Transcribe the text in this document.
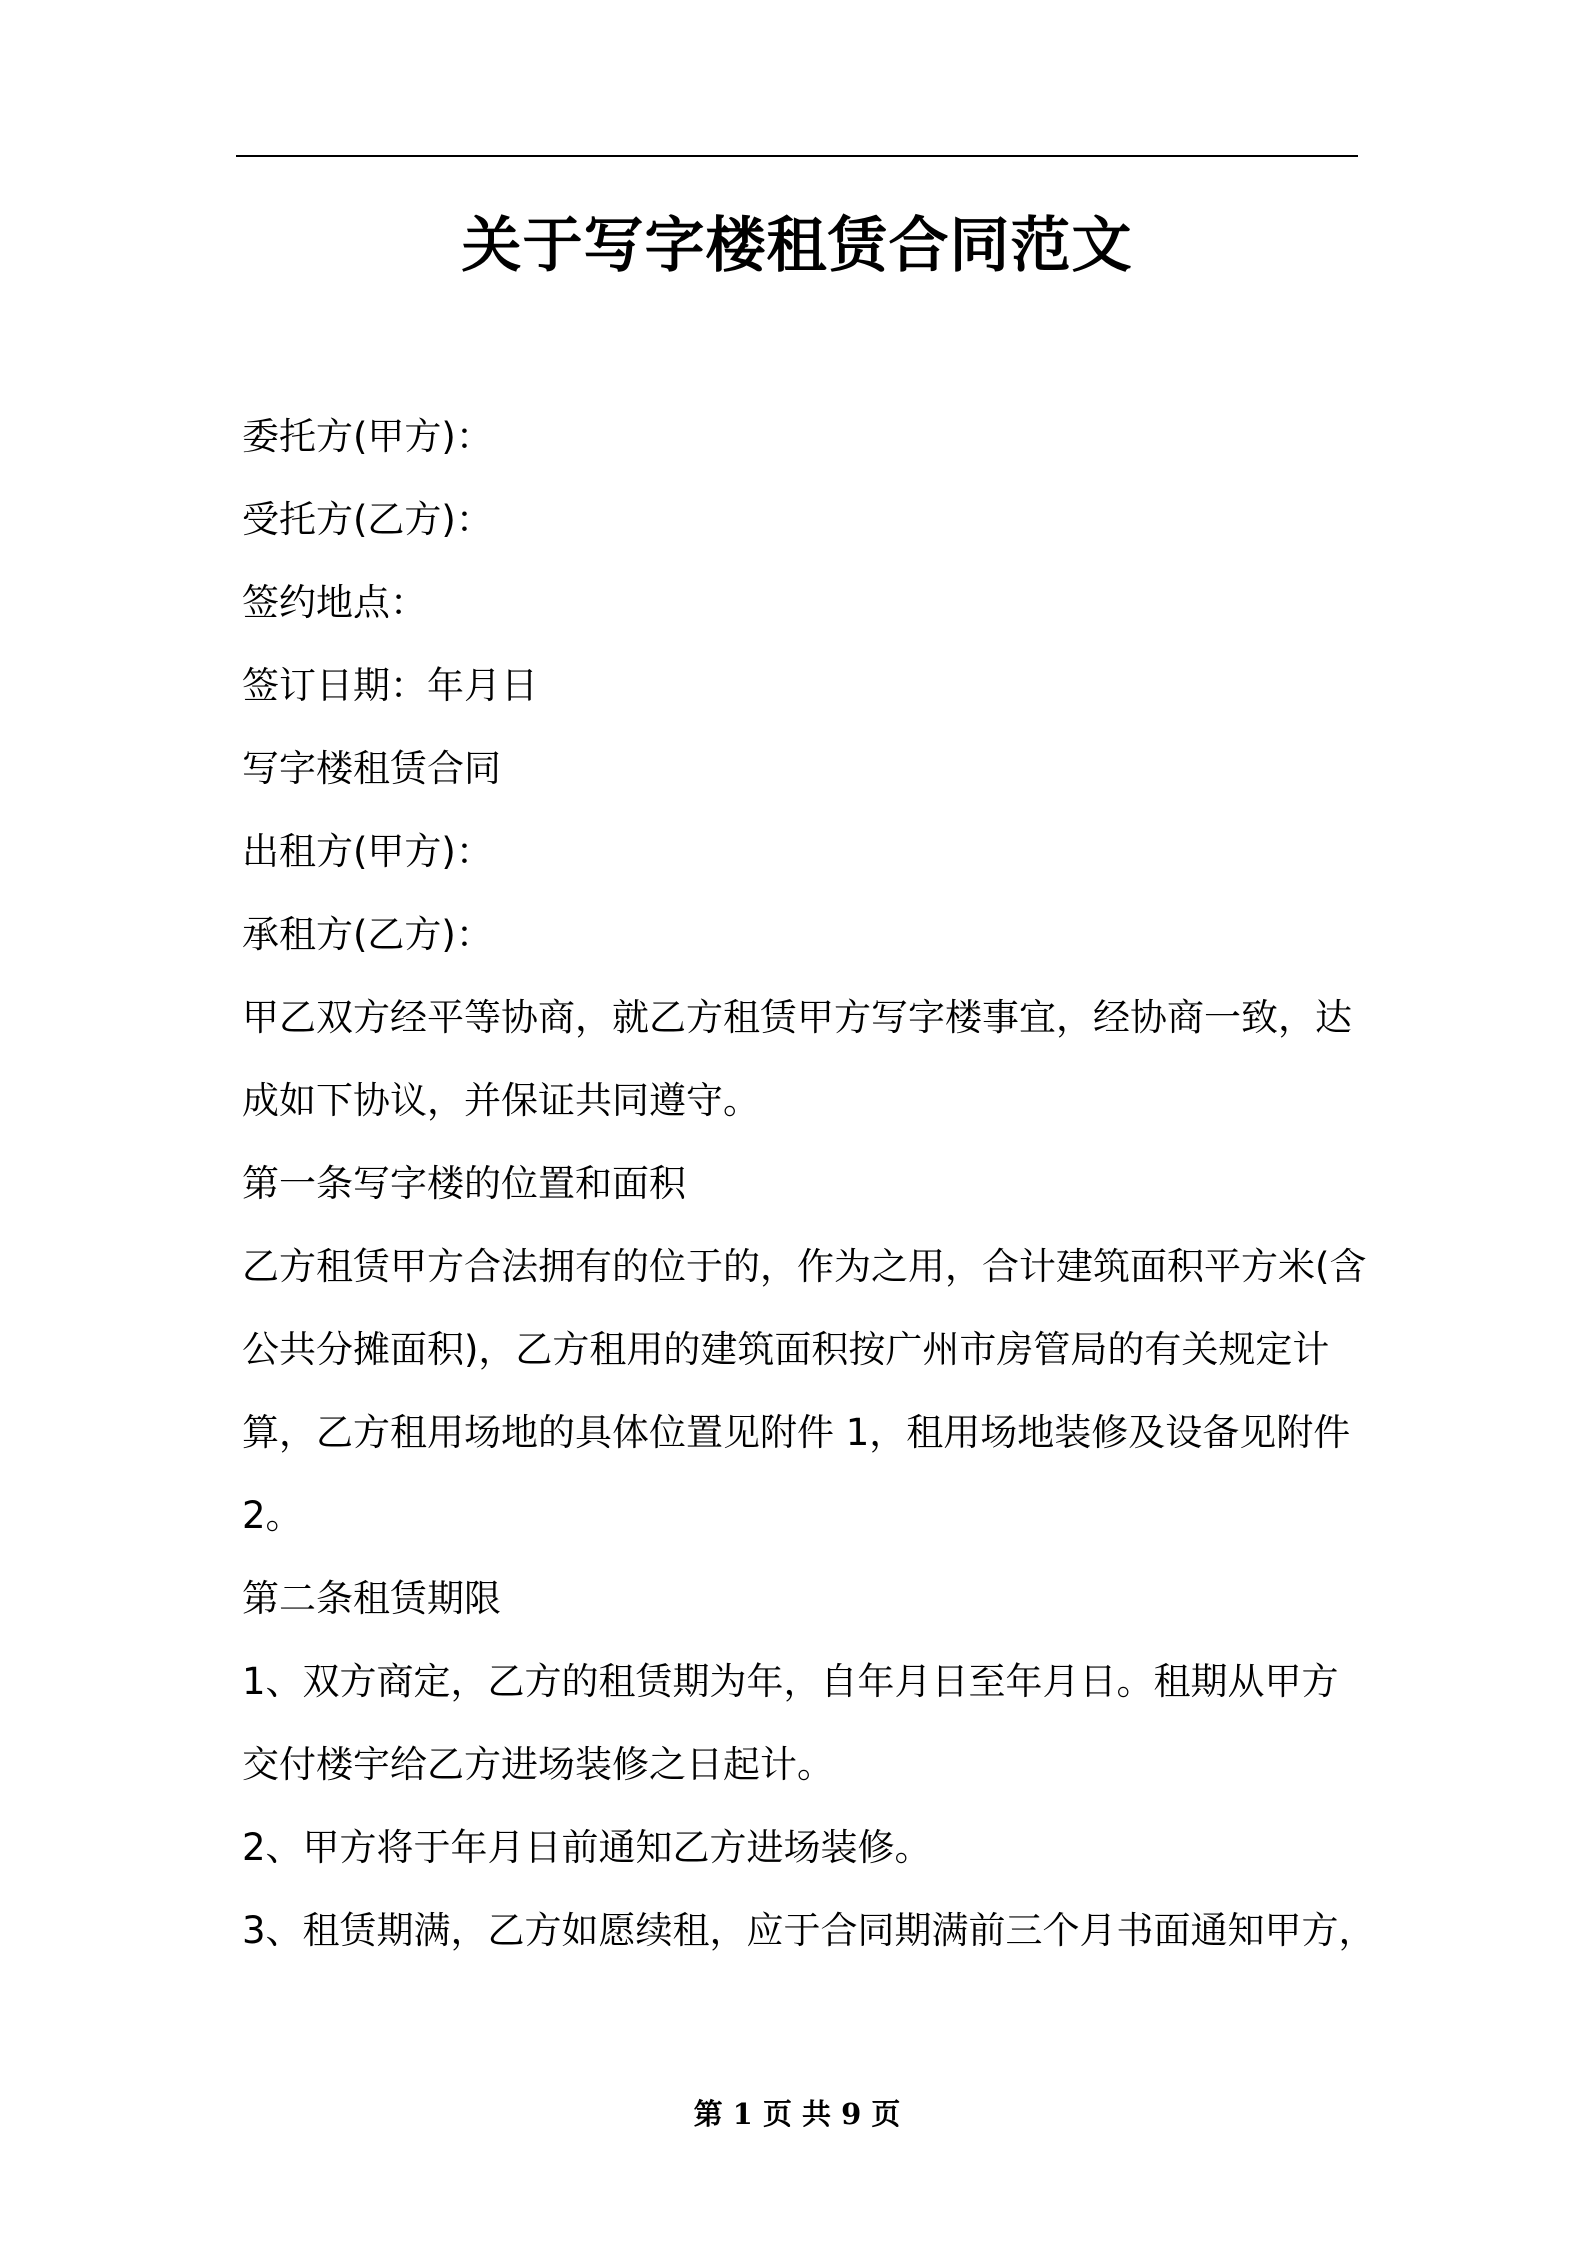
关于写字楼租赁合同范文
委托方(甲方)：
受托方(乙方)：
签约地点：
签订日期：年月日
写字楼租赁合同
出租方(甲方)：
承租方(乙方)：
甲乙双方经平等协商，就乙方租赁甲方写字楼事宜，经协商一致，达
成如下协议，并保证共同遵守。
第一条写字楼的位置和面积
乙方租赁甲方合法拥有的位于的，作为之用，合计建筑面积平方米(含
公共分摊面积)，乙方租用的建筑面积按广州市房管局的有关规定计
算，乙方租用场地的具体位置见附件 1，租用场地装修及设备见附件
2。
第二条租赁期限
1、双方商定，乙方的租赁期为年，自年月日至年月日。租期从甲方
交付楼宇给乙方进场装修之日起计。
2、甲方将于年月日前通知乙方进场装修。
3、租赁期满，乙方如愿续租，应于合同期满前三个月书面通知甲方，
第 1 页 共 9 页
